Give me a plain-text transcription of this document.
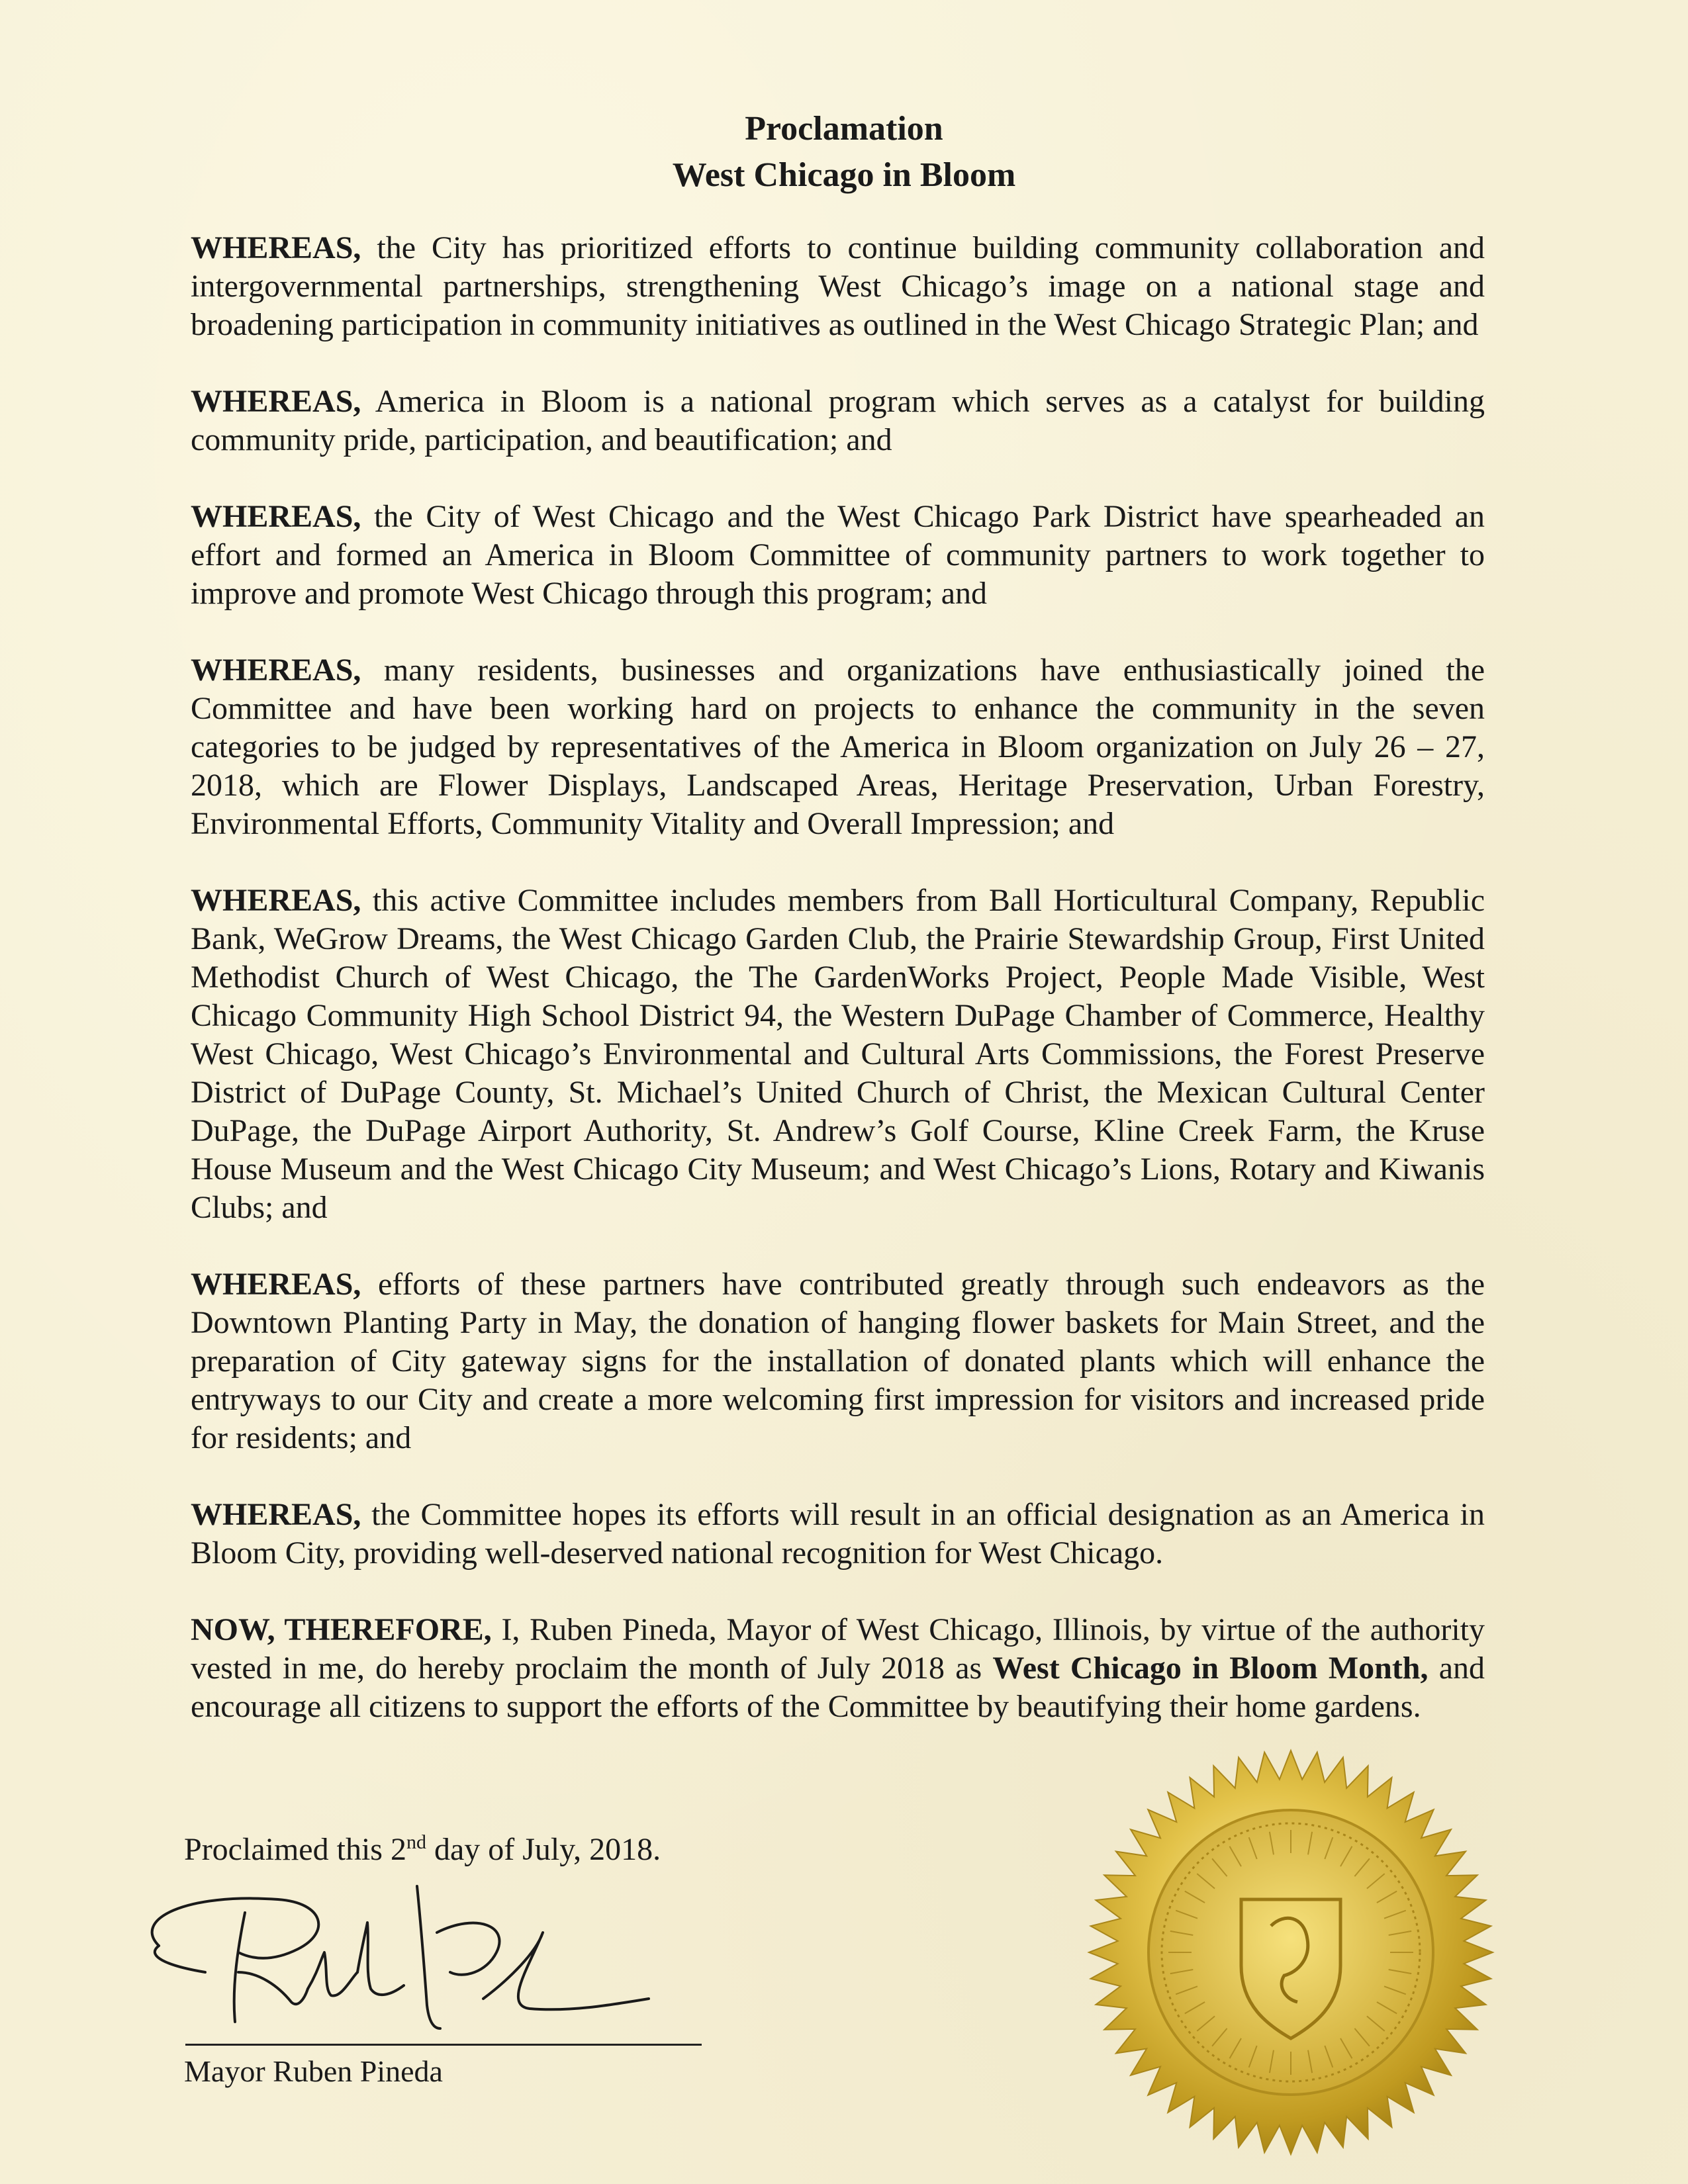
Proclamation
West Chicago in Bloom

WHEREAS, the City has prioritized efforts to continue building community collaboration and intergovernmental partnerships, strengthening West Chicago’s image on a national stage and broadening participation in community initiatives as outlined in the West Chicago Strategic Plan; and

WHEREAS, America in Bloom is a national program which serves as a catalyst for building community pride, participation, and beautification; and

WHEREAS, the City of West Chicago and the West Chicago Park District have spearheaded an effort and formed an America in Bloom Committee of community partners to work together to improve and promote West Chicago through this program; and

WHEREAS, many residents, businesses and organizations have enthusiastically joined the Committee and have been working hard on projects to enhance the community in the seven categories to be judged by representatives of the America in Bloom organization on July 26 – 27, 2018, which are Flower Displays, Landscaped Areas, Heritage Preservation, Urban Forestry, Environmental Efforts, Community Vitality and Overall Impression; and

WHEREAS, this active Committee includes members from Ball Horticultural Company, Republic Bank, WeGrow Dreams, the West Chicago Garden Club, the Prairie Stewardship Group, First United Methodist Church of West Chicago, the The GardenWorks Project, People Made Visible, West Chicago Community High School District 94, the Western DuPage Chamber of Commerce, Healthy West Chicago, West Chicago’s Environmental and Cultural Arts Commissions, the Forest Preserve District of DuPage County, St. Michael’s United Church of Christ, the Mexican Cultural Center DuPage, the DuPage Airport Authority, St. Andrew’s Golf Course, Kline Creek Farm, the Kruse House Museum and the West Chicago City Museum; and West Chicago’s Lions, Rotary and Kiwanis Clubs; and

WHEREAS, efforts of these partners have contributed greatly through such endeavors as the Downtown Planting Party in May, the donation of hanging flower baskets for Main Street, and the preparation of City gateway signs for the installation of donated plants which will enhance the entryways to our City and create a more welcoming first impression for visitors and increased pride for residents; and

WHEREAS, the Committee hopes its efforts will result in an official designation as an America in Bloom City, providing well-deserved national recognition for West Chicago.

NOW, THEREFORE, I, Ruben Pineda, Mayor of West Chicago, Illinois, by virtue of the authority vested in me, do hereby proclaim the month of July 2018 as West Chicago in Bloom Month, and encourage all citizens to support the efforts of the Committee by beautifying their home gardens.

Proclaimed this 2nd day of July, 2018.
Mayor Ruben Pineda
